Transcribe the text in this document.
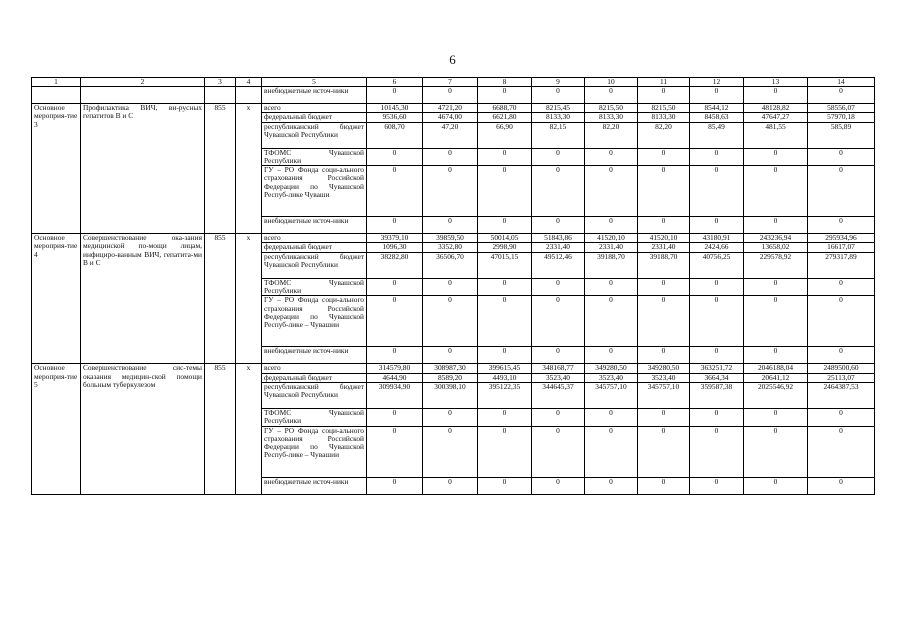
6
1	2	3	4	5	6	7	8	9	10	11	12	13	14
				внебюджетные источ-ники	0	0	0	0	0	0	0	0	0
Основное мероприя-тие 3	Профилактика ВИЧ, ви-русных гепатитов В и С	855	х	всего	10145,30	4721,20	6688,70	8215,45	8215,50	8215,50	8544,12	48128,82	58556,07
				федеральный бюджет	9536,60	4674,00	6621,80	8133,30	8133,30	8133,30	8458,63	47647,27	57970,18
				республиканский бюджет Чувашской Республики	608,70	47,20	66,90	82,15	82,20	82,20	85,49	481,55	585,89
				ТФОМС Чувашской Республики	0	0	0	0	0	0	0	0	0
				ГУ – РО Фонда соци-ального страхования Российской Федерации по Чувашской Респуб-лике Чуваши	0	0	0	0	0	0	0	0	0
				внебюджетные источ-ники	0	0	0	0	0	0	0	0	0
Основное мероприя-тие 4	Совершенствование ока-зания медицинской по-мощи лицам, инфициро-ванным ВИЧ, гепатита-ми В и С	855	х	всего	39379,10	39859,50	50014,05	51843,86	41520,10	41520,10	43180,91	243236,94	295934,96
				федеральный бюджет	1096,30	3352,80	2998,90	2331,40	2331,40	2331,40	2424,66	13658,02	16617,07
				республиканский бюджет Чувашской Республики	38282,80	36506,70	47015,15	49512,46	39188,70	39188,70	40756,25	229578,92	279317,89
				ТФОМС Чувашской Республики	0	0	0	0	0	0	0	0	0
				ГУ – РО Фонда соци-ального страхования Российской Федерации по Чувашской Респуб-лике – Чувашии	0	0	0	0	0	0	0	0	0
				внебюджетные источ-ники	0	0	0	0	0	0	0	0	0
Основное мероприя-тие 5	Совершенствование сис-темы оказания медицин-ской помощи больным туберкулезом	855	х	всего	314579,80	308987,30	399615,45	348168,77	349280,50	349280,50	363251,72	2046188,04	2489500,60
				федеральный бюджет	4644,90	8589,20	4493,10	3523,40	3523,40	3523,40	3664,34	20641,12	25113,07
				республиканский бюджет Чувашской Республики	309934,90	300398,10	395122,35	344645,37	345757,10	345757,10	359587,38	2025546,92	2464387,53
				ТФОМС Чувашской Республики	0	0	0	0	0	0	0	0	0
				ГУ – РО Фонда соци-ального страхования Российской Федерации по Чувашской Респуб-лике – Чувашии	0	0	0	0	0	0	0	0	0
				внебюджетные источ-ники	0	0	0	0	0	0	0	0	0
